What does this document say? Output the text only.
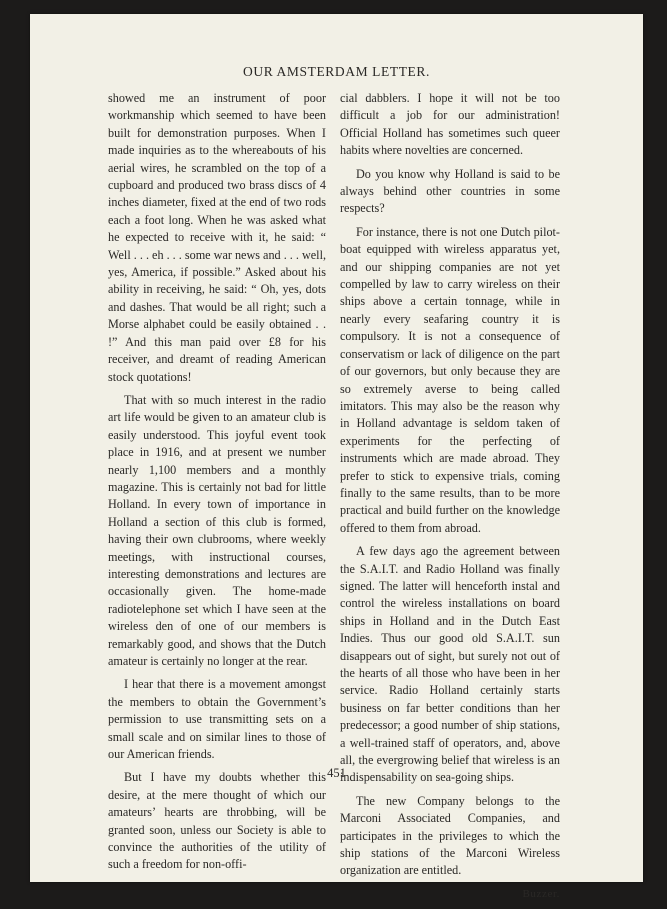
OUR AMSTERDAM LETTER.

showed me an instrument of poor workmanship which seemed to have been built for demonstration purposes. When I made inquiries as to the whereabouts of his aerial wires, he scrambled on the top of a cupboard and produced two brass discs of 4 inches diameter, fixed at the end of two rods each a foot long. When he was asked what he expected to receive with it, he said: “ Well . . . eh . . . some war news and . . . well, yes, America, if possible.” Asked about his ability in receiving, he said: “ Oh, yes, dots and dashes. That would be all right; such a Morse alphabet could be easily obtained . . !” And this man paid over £8 for his receiver, and dreamt of reading American stock quotations!

That with so much interest in the radio art life would be given to an amateur club is easily understood. This joyful event took place in 1916, and at present we number nearly 1,100 members and a monthly magazine. This is certainly not bad for little Holland. In every town of importance in Holland a section of this club is formed, having their own clubrooms, where weekly meetings, with instructional courses, interesting demonstrations and lectures are occasionally given. The home-made radiotelephone set which I have seen at the wireless den of one of our members is remarkably good, and shows that the Dutch amateur is certainly no longer at the rear.

I hear that there is a movement amongst the members to obtain the Government’s permission to use transmitting sets on a small scale and on similar lines to those of our American friends.

But I have my doubts whether this desire, at the mere thought of which our amateurs’ hearts are throbbing, will be granted soon, unless our Society is able to convince the authorities of the utility of such a freedom for non-offi-

cial dabblers. I hope it will not be too difficult a job for our administration! Official Holland has sometimes such queer habits where novelties are concerned.

Do you know why Holland is said to be always behind other countries in some respects?

For instance, there is not one Dutch pilot-boat equipped with wireless apparatus yet, and our shipping companies are not yet compelled by law to carry wireless on their ships above a certain tonnage, while in nearly every seafaring country it is compulsory. It is not a consequence of conservatism or lack of diligence on the part of our governors, but only because they are so extremely averse to being called imitators. This may also be the reason why in Holland advantage is seldom taken of experiments for the perfecting of instruments which are made abroad. They prefer to stick to expensive trials, coming finally to the same results, than to be more practical and build further on the knowledge offered to them from abroad.

A few days ago the agreement between the S.A.I.T. and Radio Holland was finally signed. The latter will henceforth instal and control the wireless installations on board ships in Holland and in the Dutch East Indies. Thus our good old S.A.I.T. sun disappears out of sight, but surely not out of the hearts of all those who have been in her service. Radio Holland certainly starts business on far better conditions than her predecessor; a good number of ship stations, a well-trained staff of operators, and, above all, the evergrowing belief that wireless is an indispensability on sea-going ships.

The new Company belongs to the Marconi Associated Companies, and participates in the privileges to which the ship stations of the Marconi Wireless organization are entitled.

Buzzer.

451
